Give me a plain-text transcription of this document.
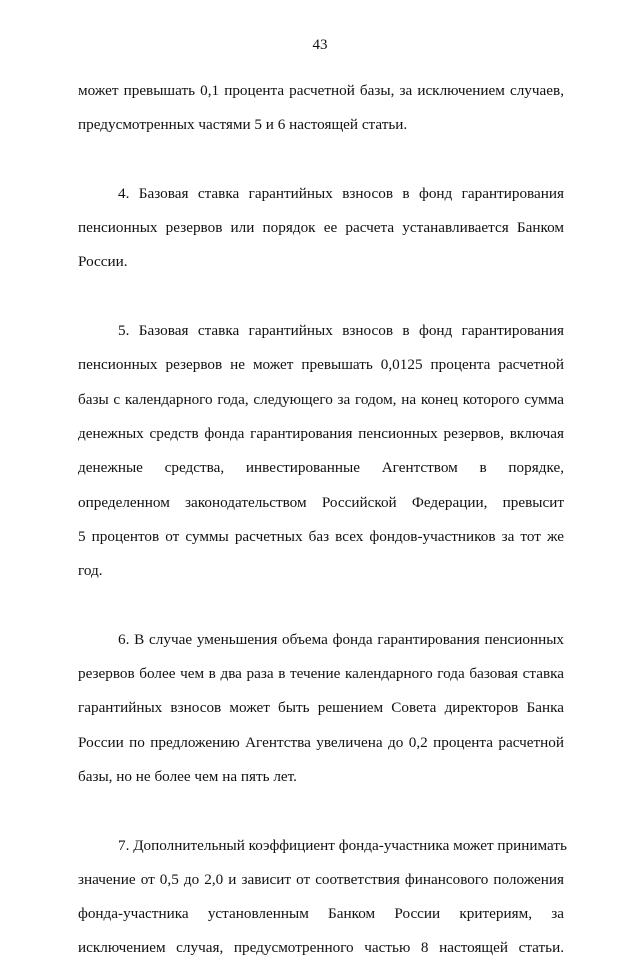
43

может превышать 0,1 процента расчетной базы, за исключением случаев,
предусмотренных частями 5 и 6 настоящей статьи.

4. Базовая ставка гарантийных взносов в фонд гарантирования
пенсионных резервов или порядок ее расчета устанавливается Банком
России.

5. Базовая ставка гарантийных взносов в фонд гарантирования
пенсионных резервов не может превышать 0,0125 процента расчетной
базы с календарного года, следующего за годом, на конец которого сумма
денежных средств фонда гарантирования пенсионных резервов, включая
денежные средства, инвестированные Агентством в порядке,
определенном законодательством Российской Федерации, превысит
5 процентов от суммы расчетных баз всех фондов-участников за тот же
год.

6. В случае уменьшения объема фонда гарантирования пенсионных
резервов более чем в два раза в течение календарного года базовая ставка
гарантийных взносов может быть решением Совета директоров Банка
России по предложению Агентства увеличена до 0,2 процента расчетной
базы, но не более чем на пять лет.

7. Дополнительный коэффициент фонда-участника может принимать
значение от 0,5 до 2,0 и зависит от соответствия финансового положения
фонда-участника установленным Банком России критериям, за
исключением случая, предусмотренного частью 8 настоящей статьи.
